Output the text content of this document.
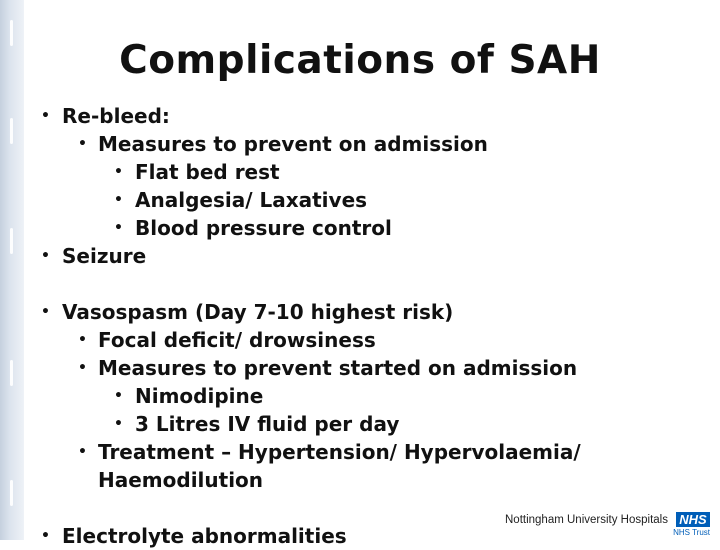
Complications of SAH
• Re-bleed:
• Measures to prevent on admission
• Flat bed rest
• Analgesia/ Laxatives
• Blood pressure control
• Seizure
• Vasospasm (Day 7-10 highest risk)
• Focal deficit/ drowsiness
• Measures to prevent started on admission
• Nimodipine
• 3 Litres IV fluid per day
• Treatment – Hypertension/ Hypervolaemia/
Haemodilution
• Electrolyte abnormalities
Nottingham University Hospitals NHS
NHS Trust
